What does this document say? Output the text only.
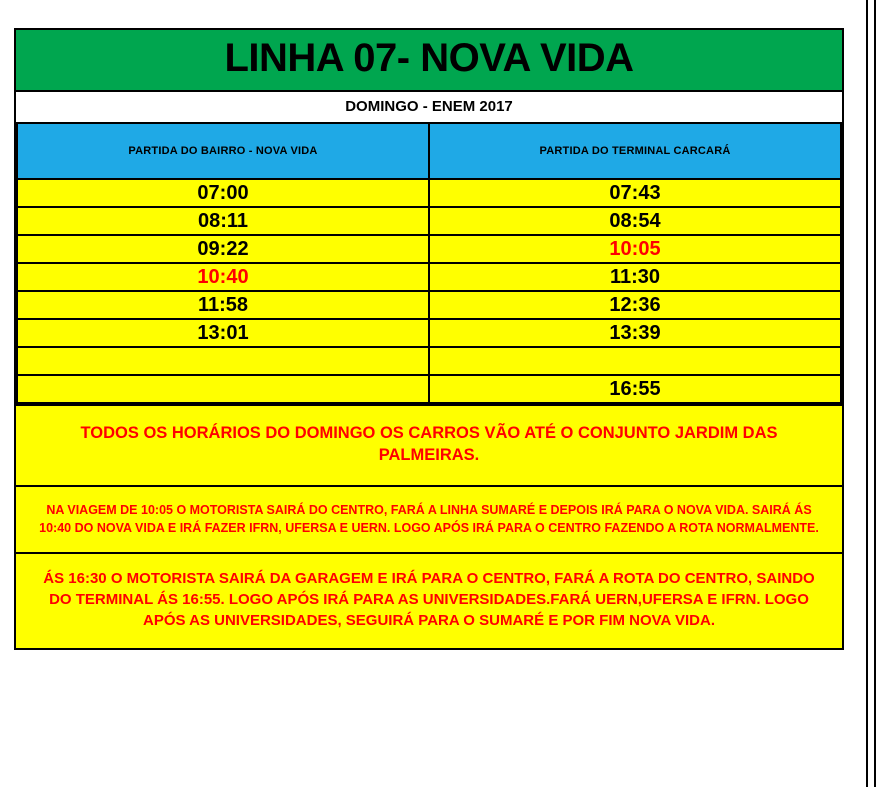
LINHA 07- NOVA VIDA
DOMINGO - ENEM 2017
PARTIDA DO BAIRRO - NOVA VIDA	PARTIDA DO TERMINAL CARCARÁ
07:00	07:43
08:11	08:54
09:22	10:05
10:40	11:30
11:58	12:36
13:01	13:39

	16:55
TODOS OS HORÁRIOS DO DOMINGO OS CARROS VÃO ATÉ O CONJUNTO JARDIM DAS PALMEIRAS.
NA VIAGEM DE 10:05 O MOTORISTA SAIRÁ DO CENTRO, FARÁ A LINHA SUMARÉ E DEPOIS IRÁ PARA O NOVA VIDA. SAIRÁ ÁS 10:40 DO NOVA VIDA E IRÁ FAZER IFRN, UFERSA E UERN. LOGO APÓS IRÁ PARA O CENTRO FAZENDO A ROTA NORMALMENTE.
ÁS 16:30 O MOTORISTA SAIRÁ DA GARAGEM E IRÁ PARA O CENTRO, FARÁ A ROTA DO CENTRO, SAINDO DO TERMINAL ÁS 16:55. LOGO APÓS IRÁ PARA AS UNIVERSIDADES.FARÁ UERN,UFERSA E IFRN. LOGO APÓS AS UNIVERSIDADES, SEGUIRÁ PARA O SUMARÉ E POR FIM NOVA VIDA.
